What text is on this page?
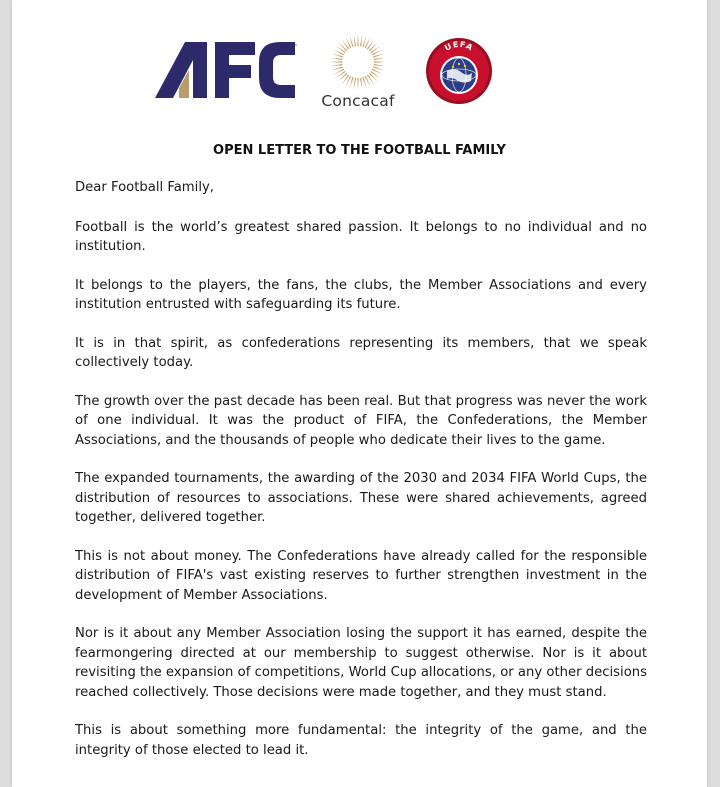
™
Concacaf
UEFA
OPEN LETTER TO THE FOOTBALL FAMILY

Dear Football Family,

Football is the world’s greatest shared passion. It belongs to no individual and no institution.

It belongs to the players, the fans, the clubs, the Member Associations and every institution entrusted with safeguarding its future.

It is in that spirit, as confederations representing its members, that we speak collectively today.

The growth over the past decade has been real. But that progress was never the work of one individual. It was the product of FIFA, the Confederations, the Member Associations, and the thousands of people who dedicate their lives to the game.

The expanded tournaments, the awarding of the 2030 and 2034 FIFA World Cups, the distribution of resources to associations. These were shared achievements, agreed together, delivered together.

This is not about money. The Confederations have already called for the responsible distribution of FIFA's vast existing reserves to further strengthen investment in the development of Member Associations.

Nor is it about any Member Association losing the support it has earned, despite the fearmongering directed at our membership to suggest otherwise. Nor is it about revisiting the expansion of competitions, World Cup allocations, or any other decisions reached collectively. Those decisions were made together, and they must stand.

This is about something more fundamental: the integrity of the game, and the integrity of those elected to lead it.
